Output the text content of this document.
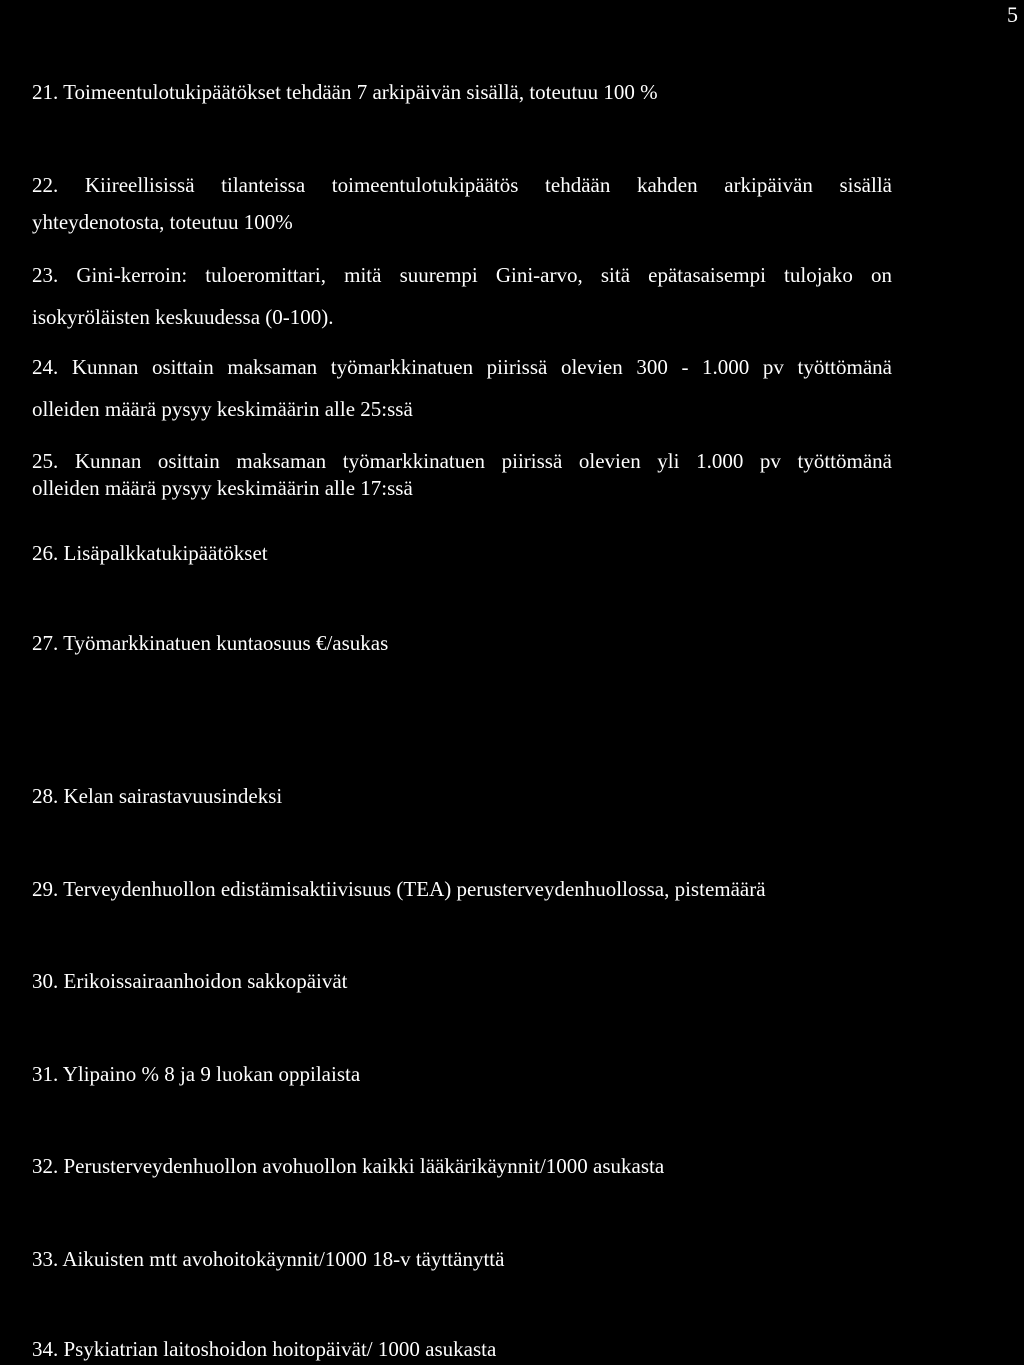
5
21. Toimeentulotukipäätökset tehdään 7 arkipäivän sisällä, toteutuu 100 %
22. Kiireellisissä tilanteissa toimeentulotukipäätös tehdään kahden arkipäivän sisällä
yhteydenotosta, toteutuu 100%
23. Gini-kerroin: tuloeromittari, mitä suurempi Gini-arvo, sitä epätasaisempi tulojako on
isokyröläisten keskuudessa (0-100).
24. Kunnan osittain maksaman työmarkkinatuen piirissä olevien 300 - 1.000 pv työttömänä
olleiden määrä pysyy keskimäärin alle 25:ssä
25. Kunnan osittain maksaman työmarkkinatuen piirissä olevien yli 1.000 pv työttömänä
olleiden määrä pysyy keskimäärin alle 17:ssä
26. Lisäpalkkatukipäätökset
27. Työmarkkinatuen kuntaosuus €/asukas
28. Kelan sairastavuusindeksi
29. Terveydenhuollon edistämisaktiivisuus (TEA) perusterveydenhuollossa, pistemäärä
30. Erikoissairaanhoidon sakkopäivät
31. Ylipaino % 8 ja 9 luokan oppilaista
32. Perusterveydenhuollon avohuollon kaikki lääkärikäynnit/1000 asukasta
33. Aikuisten mtt avohoitokäynnit/1000 18-v täyttänyttä
34. Psykiatrian laitoshoidon hoitopäivät/ 1000 asukasta
